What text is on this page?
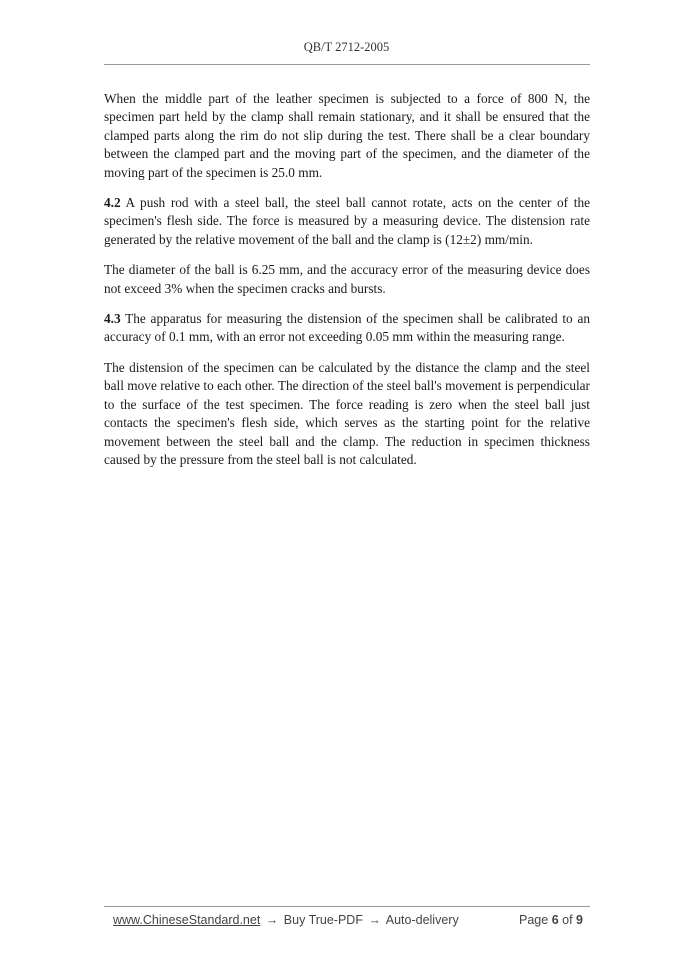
QB/T 2712-2005

When the middle part of the leather specimen is subjected to a force of 800 N, the specimen part held by the clamp shall remain stationary, and it shall be ensured that the clamped parts along the rim do not slip during the test. There shall be a clear boundary between the clamped part and the moving part of the specimen, and the diameter of the moving part of the specimen is 25.0 mm.

4.2 A push rod with a steel ball, the steel ball cannot rotate, acts on the center of the specimen's flesh side. The force is measured by a measuring device. The distension rate generated by the relative movement of the ball and the clamp is (12±2) mm/min.

The diameter of the ball is 6.25 mm, and the accuracy error of the measuring device does not exceed 3% when the specimen cracks and bursts.

4.3 The apparatus for measuring the distension of the specimen shall be calibrated to an accuracy of 0.1 mm, with an error not exceeding 0.05 mm within the measuring range.

The distension of the specimen can be calculated by the distance the clamp and the steel ball move relative to each other. The direction of the steel ball's movement is perpendicular to the surface of the test specimen. The force reading is zero when the steel ball just contacts the specimen's flesh side, which serves as the starting point for the relative movement between the steel ball and the clamp. The reduction in specimen thickness caused by the pressure from the steel ball is not calculated.

www.ChineseStandard.net → Buy True-PDF → Auto-delivery	Page 6 of 9
